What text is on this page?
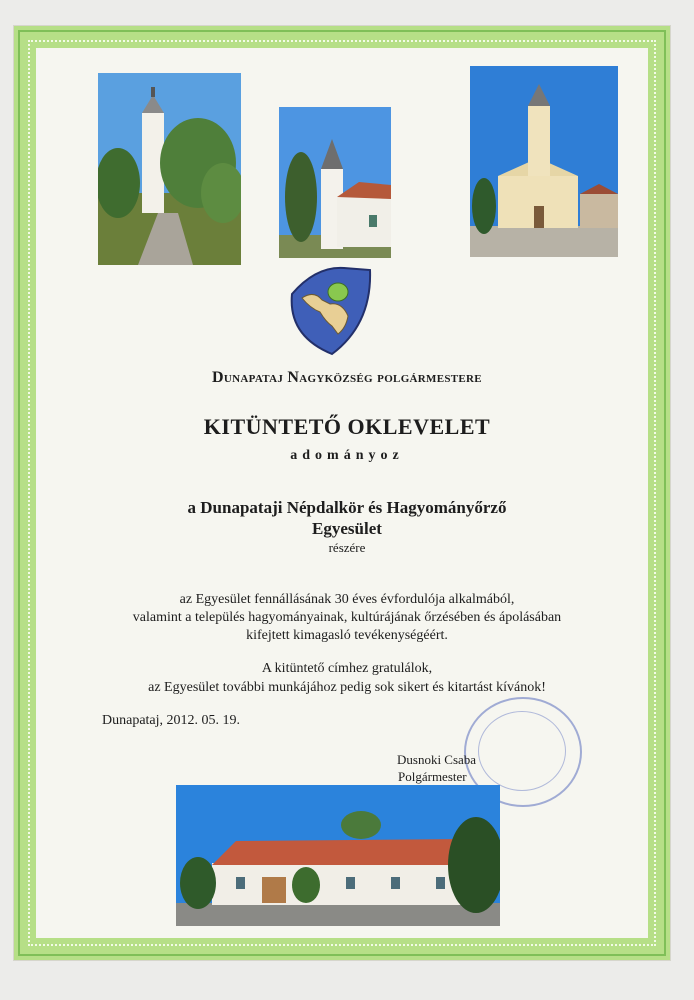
Dunapataj Nagyközség polgármestere
KITÜNTETŐ OKLEVELET
adományoz
a Dunapataji Népdalkör és Hagyományőrző
Egyesület
részére
az Egyesület fennállásának 30 éves évfordulója alkalmából,
valamint a település hagyományainak, kultúrájának őrzésében és ápolásában
kifejtett kimagasló tevékenységéért.
A kitüntető címhez gratulálok,
az Egyesület további munkájához pedig sok sikert és kitartást kívánok!
Dunapataj, 2012. 05. 19.
Dusnoki Csaba
Polgármester
